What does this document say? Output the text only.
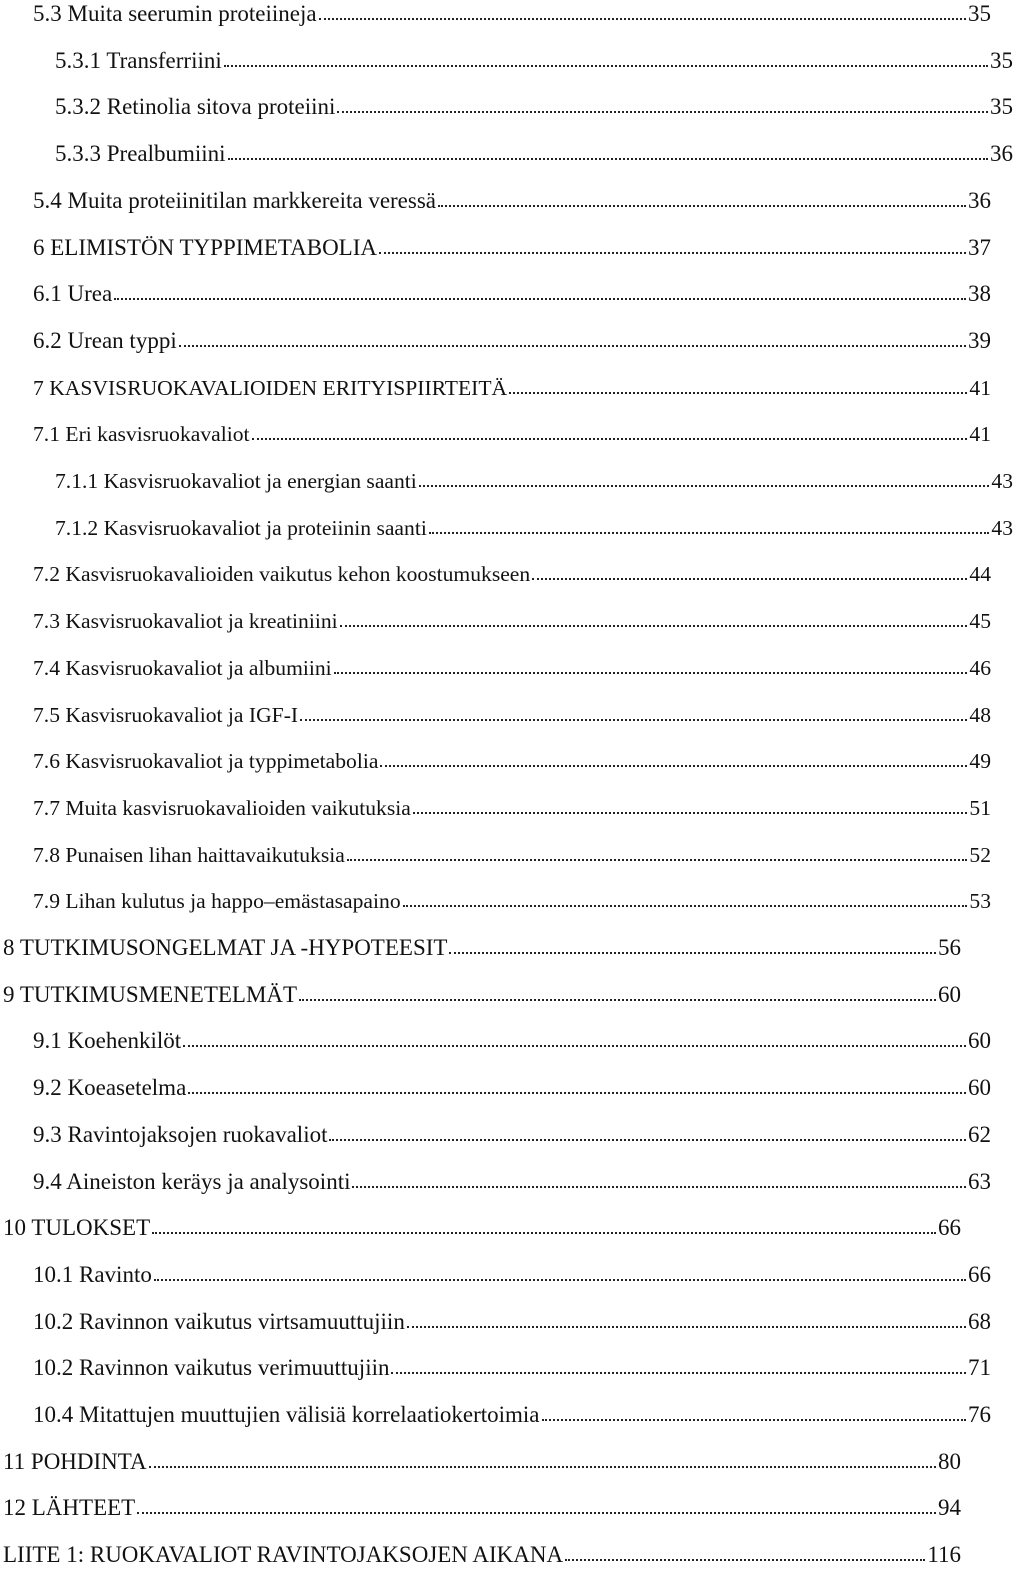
5.3 Muita seerumin proteiineja	35
5.3.1 Transferriini	35
5.3.2 Retinolia sitova proteiini	35
5.3.3 Prealbumiini	36
5.4 Muita proteiinitilan markkereita veressä	36
6 ELIMISTÖN TYPPIMETABOLIA	37
6.1 Urea	38
6.2 Urean typpi	39
7 KASVISRUOKAVALIOIDEN ERITYISPIIRTEITÄ	41
7.1 Eri kasvisruokavaliot	41
7.1.1 Kasvisruokavaliot ja energian saanti	43
7.1.2 Kasvisruokavaliot ja proteiinin saanti	43
7.2 Kasvisruokavalioiden vaikutus kehon koostumukseen	44
7.3 Kasvisruokavaliot ja kreatiniini	45
7.4 Kasvisruokavaliot ja albumiini	46
7.5 Kasvisruokavaliot ja IGF-I	48
7.6 Kasvisruokavaliot ja typpimetabolia	49
7.7 Muita kasvisruokavalioiden vaikutuksia	51
7.8 Punaisen lihan haittavaikutuksia	52
7.9 Lihan kulutus ja happo–emästasapaino	53
8 TUTKIMUSONGELMAT JA -HYPOTEESIT	56
9 TUTKIMUSMENETELMÄT	60
9.1 Koehenkilöt	60
9.2 Koeasetelma	60
9.3 Ravintojaksojen ruokavaliot	62
9.4 Aineiston keräys ja analysointi	63
10 TULOKSET	66
10.1 Ravinto	66
10.2 Ravinnon vaikutus virtsamuuttujiin	68
10.2 Ravinnon vaikutus verimuuttujiin	71
10.4 Mitattujen muuttujien välisiä korrelaatiokertoimia	76
11 POHDINTA	80
12 LÄHTEET	94
LIITE 1: RUOKAVALIOT RAVINTOJAKSOJEN AIKANA	116
